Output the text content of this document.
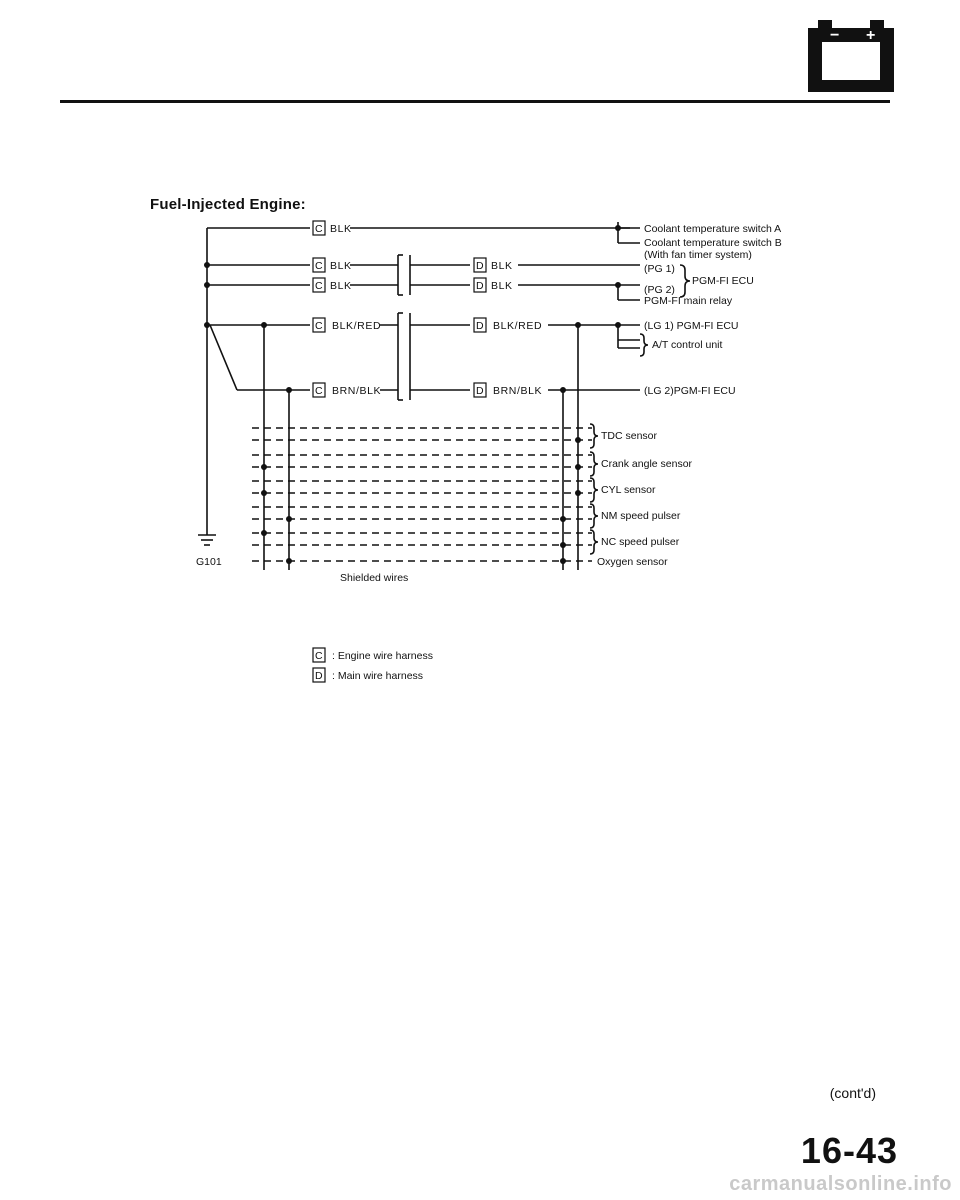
− +
Fuel-Injected Engine:
C BLK
C BLK
C BLK
C BLK/RED
C BRN/BLK
D BLK
D BLK
D BLK/RED
D BRN/BLK
Coolant temperature switch A
Coolant temperature switch B
(With fan timer system)
(PG 1)
(PG 2)
PGM-FI ECU
PGM-FI main relay
(LG 1) PGM-FI ECU
A/T control unit
(LG 2)PGM-FI ECU
TDC sensor
Crank angle sensor
CYL sensor
NM speed pulser
NC speed pulser
Oxygen sensor
G101
Shielded wires
C : Engine wire harness
D : Main wire harness
(cont'd)
16-43
carmanualsonline.info
